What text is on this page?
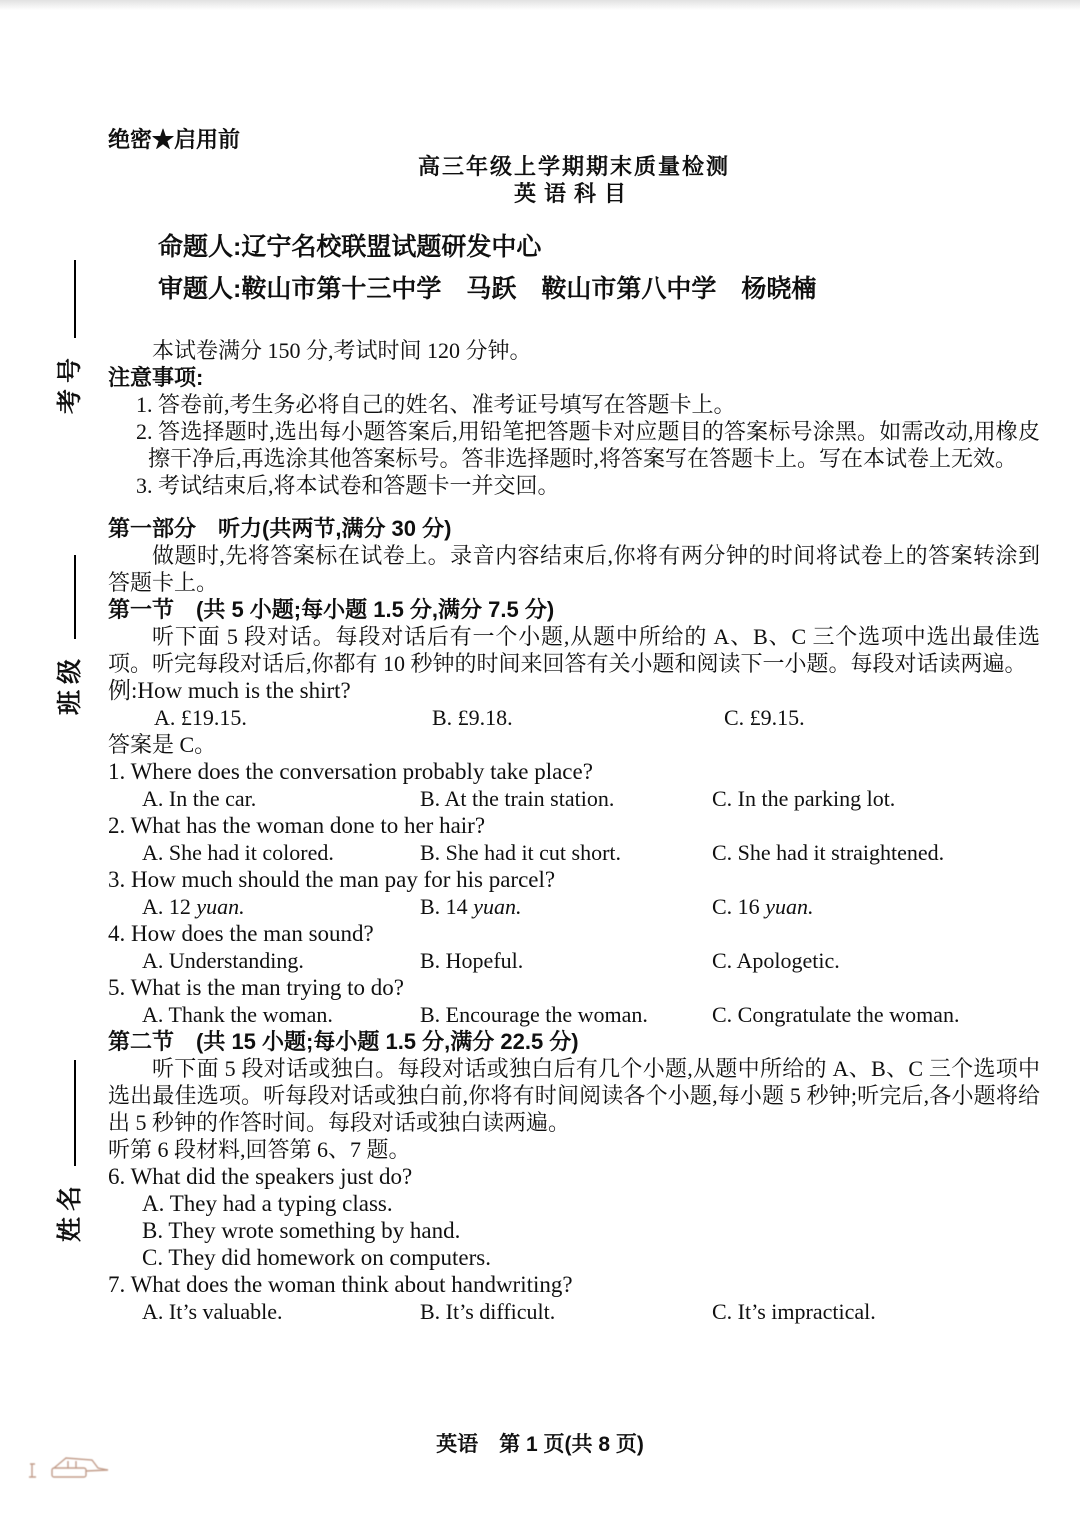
考号
班级
姓名

绝密★启用前

高三年级上学期期末质量检测

英语科目

命题人:辽宁名校联盟试题研发中心

审题人:鞍山市第十三中学　马跃　鞍山市第八中学　杨晓楠

本试卷满分 150 分,考试时间 120 分钟。

注意事项:

1. 答卷前,考生务必将自己的姓名、准考证号填写在答题卡上。

2. 答选择题时,选出每小题答案后,用铅笔把答题卡对应题目的答案标号涂黑。如需改动,用橡皮擦干净后,再选涂其他答案标号。答非选择题时,将答案写在答题卡上。写在本试卷上无效。

3. 考试结束后,将本试卷和答题卡一并交回。

第一部分　听力(共两节,满分 30 分)

做题时,先将答案标在试卷上。录音内容结束后,你将有两分钟的时间将试卷上的答案转涂到答题卡上。

第一节　(共 5 小题;每小题 1.5 分,满分 7.5 分)

听下面 5 段对话。每段对话后有一个小题,从题中所给的 A、B、C 三个选项中选出最佳选项。听完每段对话后,你都有 10 秒钟的时间来回答有关小题和阅读下一小题。每段对话读两遍。

例:How much is the shirt?

A. £19.15.	B. £9.18.	C. £9.15.

答案是 C。

1. Where does the conversation probably take place?

A. In the car.	B. At the train station.	C. In the parking lot.

2. What has the woman done to her hair?

A. She had it colored.	B. She had it cut short.	C. She had it straightened.

3. How much should the man pay for his parcel?

A. 12 yuan.	B. 14 yuan.	C. 16 yuan.

4. How does the man sound?

A. Understanding.	B. Hopeful.	C. Apologetic.

5. What is the man trying to do?

A. Thank the woman.	B. Encourage the woman.	C. Congratulate the woman.

第二节　(共 15 小题;每小题 1.5 分,满分 22.5 分)

听下面 5 段对话或独白。每段对话或独白后有几个小题,从题中所给的 A、B、C 三个选项中选出最佳选项。听每段对话或独白前,你将有时间阅读各个小题,每小题 5 秒钟;听完后,各小题将给出 5 秒钟的作答时间。每段对话或独白读两遍。

听第 6 段材料,回答第 6、7 题。

6. What did the speakers just do?

A. They had a typing class.

B. They wrote something by hand.

C. They did homework on computers.

7. What does the woman think about handwriting?

A. It’s valuable.	B. It’s difficult.	C. It’s impractical.

英语　第 1 页(共 8 页)
